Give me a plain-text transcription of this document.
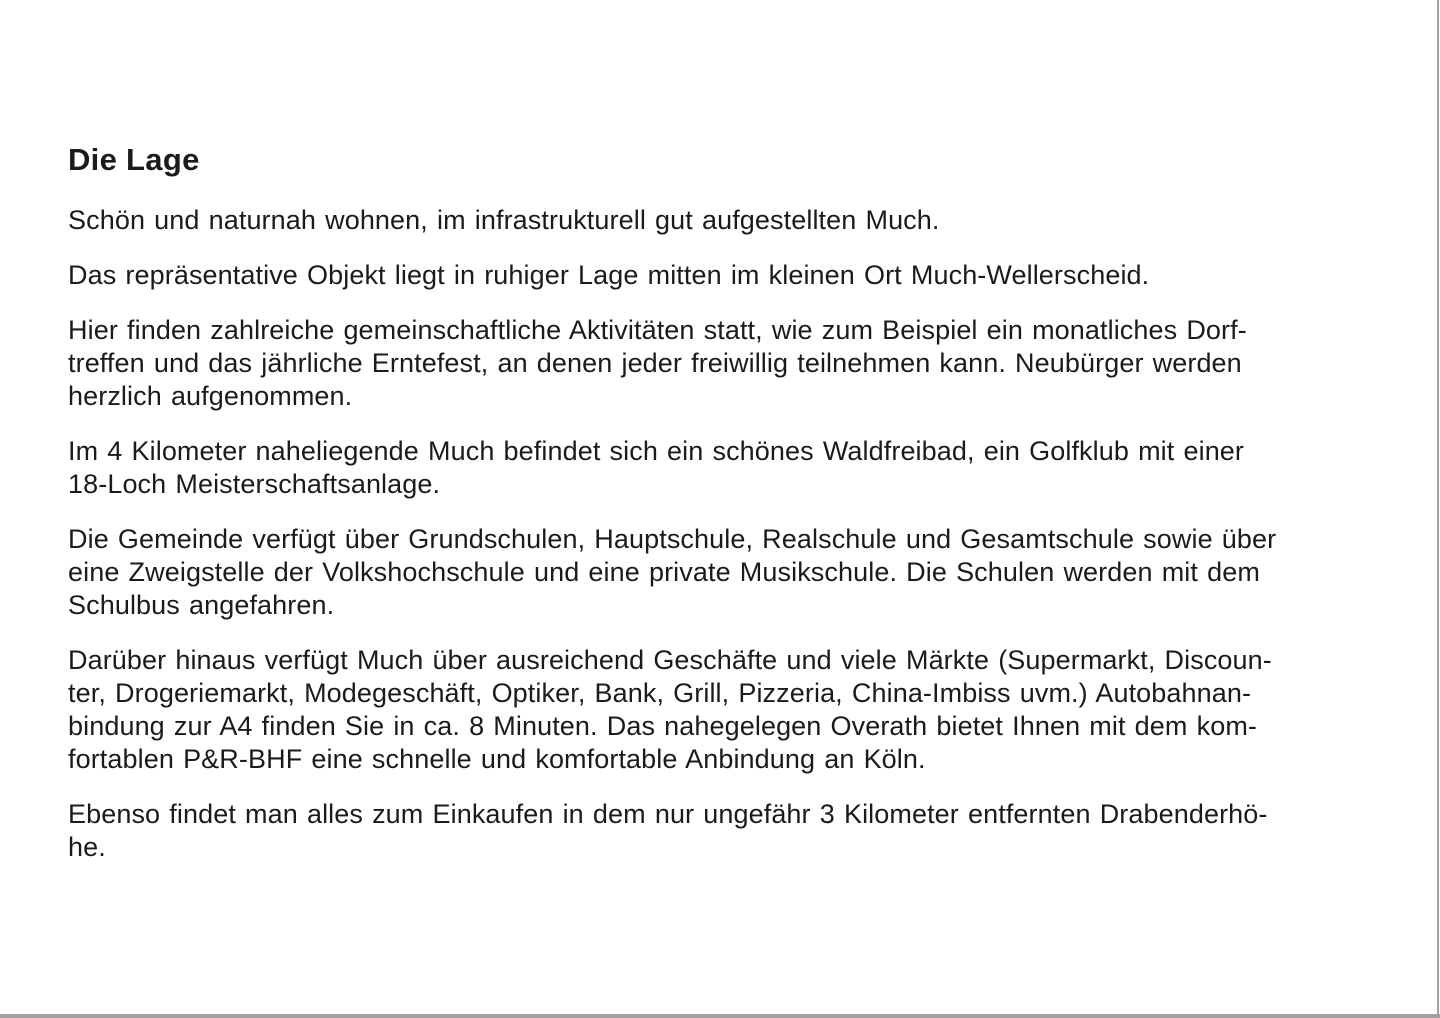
Die Lage

Schön und naturnah wohnen, im infrastrukturell gut aufgestellten Much.

Das repräsentative Objekt liegt in ruhiger Lage mitten im kleinen Ort Much-Wellerscheid.

Hier finden zahlreiche gemeinschaftliche Aktivitäten statt, wie zum Beispiel ein monatliches Dorf-
treffen und das jährliche Erntefest, an denen jeder freiwillig teilnehmen kann. Neubürger werden
herzlich aufgenommen.

Im 4 Kilometer naheliegende Much befindet sich ein schönes Waldfreibad, ein Golfklub mit einer
18-Loch Meisterschaftsanlage.

Die Gemeinde verfügt über Grundschulen, Hauptschule, Realschule und Gesamtschule sowie über
eine Zweigstelle der Volkshochschule und eine private Musikschule. Die Schulen werden mit dem
Schulbus angefahren.

Darüber hinaus verfügt Much über ausreichend Geschäfte und viele Märkte (Supermarkt, Discoun-
ter, Drogeriemarkt, Modegeschäft, Optiker, Bank, Grill, Pizzeria, China-Imbiss uvm.) Autobahnan-
bindung zur A4 finden Sie in ca. 8 Minuten. Das nahegelegen Overath bietet Ihnen mit dem kom-
fortablen P&R-BHF eine schnelle und komfortable Anbindung an Köln.

Ebenso findet man alles zum Einkaufen in dem nur ungefähr 3 Kilometer entfernten Drabenderhö-
he.
